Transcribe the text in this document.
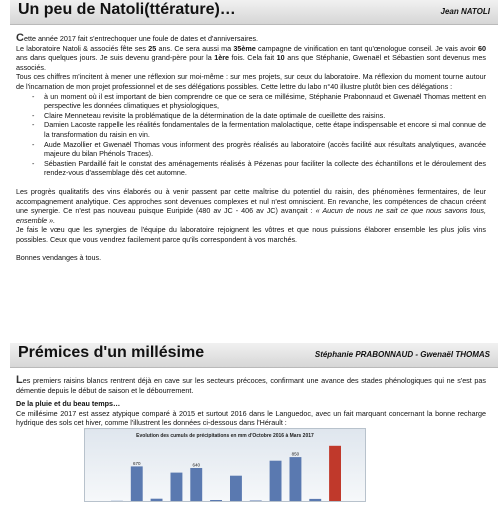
Un peu de Natoli(ttérature)…	Jean NATOLI

Cette année 2017 fait s'entrechoquer une foule de dates et d'anniversaires.

Le laboratoire Natoli & associés fête ses 25 ans. Ce sera aussi ma 35ème campagne de vinification en tant qu'œnologue conseil. Je vais avoir 60 ans dans quelques jours. Je suis devenu grand-père pour la 1ère fois. Cela fait 10 ans que Stéphanie, Gwenaël et Sébastien sont devenus mes associés.

Tous ces chiffres m'incitent à mener une réflexion sur moi-même : sur mes projets, sur ceux du laboratoire. Ma réflexion du moment tourne autour de l'incarnation de mon projet professionnel et de ses délégations possibles. Cette lettre du labo n°40 illustre plutôt bien ces délégations :

- à un moment où il est important de bien comprendre ce que ce sera ce millésime, Stéphanie Prabonnaud et Gwenaël Thomas mettent en perspective les données climatiques et physiologiques,
- Claire Menneteau revisite la problématique de la détermination de la date optimale de cueillette des raisins.
- Damien Lacoste rappelle les réalités fondamentales de la fermentation malolactique, cette étape indispensable et encore si mal connue de la transformation du raisin en vin.
- Aude Mazollier et Gwenaël Thomas vous informent des progrès réalisés au laboratoire (accès facilité aux résultats analytiques, avancée majeure du bilan Phénols Traces).
- Sébastien Pardaillé fait le constat des aménagements réalisés à Pézenas pour faciliter la collecte des échantillons et le déroulement des rendez-vous d'assemblage dès cet automne.

Les progrès qualitatifs des vins élaborés ou à venir passent par cette maîtrise du potentiel du raisin, des phénomènes fermentaires, de leur accompagnement analytique. Ces approches sont devenues complexes et nul n'est omniscient. En revanche, les compétences de chacun créent une synergie. Ce n'est pas nouveau puisque Euripide (480 av JC - 406 av JC) avançait : « Aucun de nous ne sait ce que nous savons tous, ensemble ».

Je fais le vœu que les synergies de l'équipe du laboratoire rejoignent les vôtres et que nous puissions élaborer ensemble les plus jolis vins possibles. Ceux que vous vendrez facilement parce qu'ils correspondent à vos marchés.

Bonnes vendanges à tous.

Prémices d'un millésime	Stéphanie PRABONNAUD - Gwenaël THOMAS

Les premiers raisins blancs rentrent déjà en cave sur les secteurs précoces, confirmant une avance des stades phénologiques qui ne s'est pas démentie depuis le début de saison et le débourrement.

De la pluie et du beau temps…

Ce millésime 2017 est assez atypique comparé à 2015 et surtout 2016 dans le Languedoc, avec un fait marquant concernant la bonne recharge hydrique des sols cet hiver, comme l'illustrent les données ci-dessous dans l'Hérault :

Evolution des cumuls de précipitations en mm d'Octobre 2016 à Mars 2017
670	640
850
